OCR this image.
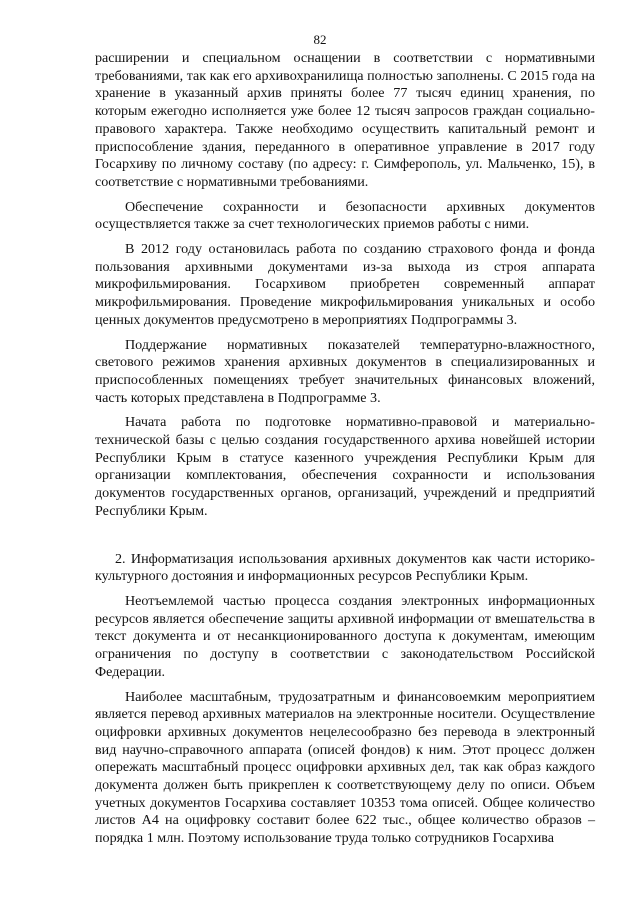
82

расширении и специальном оснащении в соответствии с нормативными требованиями, так как его архивохранилища полностью заполнены. С 2015 года на хранение в указанный архив приняты более 77 тысяч единиц хранения, по которым ежегодно исполняется уже более 12 тысяч запросов граждан социально-правового характера. Также необходимо осуществить капитальный ремонт и приспособление здания, переданного в оперативное управление в 2017 году Госархиву по личному составу (по адресу: г. Симферополь, ул. Мальченко, 15), в соответствие с нормативными требованиями.

Обеспечение сохранности и безопасности архивных документов осуществляется также за счет технологических приемов работы с ними.

В 2012 году остановилась работа по созданию страхового фонда и фонда пользования архивными документами из-за выхода из строя аппарата микрофильмирования. Госархивом приобретен современный аппарат микрофильмирования. Проведение микрофильмирования уникальных и особо ценных документов предусмотрено в мероприятиях Подпрограммы 3.

Поддержание нормативных показателей температурно-влажностного, светового режимов хранения архивных документов в специализированных и приспособленных помещениях требует значительных финансовых вложений, часть которых представлена в Подпрограмме 3.

Начата работа по подготовке нормативно-правовой и материально-технической базы с целью создания государственного архива новейшей истории Республики Крым в статусе казенного учреждения Республики Крым для организации комплектования, обеспечения сохранности и использования документов государственных органов, организаций, учреждений и предприятий Республики Крым.

2. Информатизация использования архивных документов как части историко-культурного достояния и информационных ресурсов Республики Крым.

Неотъемлемой частью процесса создания электронных информационных ресурсов является обеспечение защиты архивной информации от вмешательства в текст документа и от несанкционированного доступа к документам, имеющим ограничения по доступу в соответствии с законодательством Российской Федерации.

Наиболее масштабным, трудозатратным и финансовоемким мероприятием является перевод архивных материалов на электронные носители. Осуществление оцифровки архивных документов нецелесообразно без перевода в электронный вид научно-справочного аппарата (описей фондов) к ним. Этот процесс должен опережать масштабный процесс оцифровки архивных дел, так как образ каждого документа должен быть прикреплен к соответствующему делу по описи. Объем учетных документов Госархива составляет 10353 тома описей. Общее количество листов А4 на оцифровку составит более 622 тыс., общее количество образов – порядка 1 млн. Поэтому использование труда только сотрудников Госархива
